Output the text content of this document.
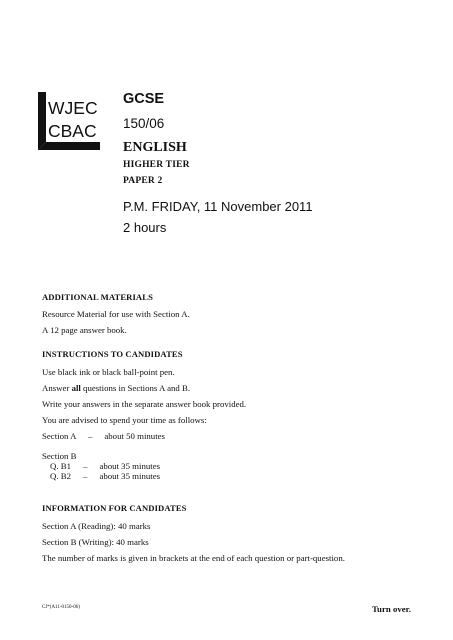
WJEC
CBAC
GCSE
150/06
ENGLISH
HIGHER TIER
PAPER 2
P.M. FRIDAY, 11 November 2011
2 hours
ADDITIONAL MATERIALS
Resource Material for use with Section A.
A 12 page answer book.
INSTRUCTIONS TO CANDIDATES
Use black ink or black ball-point pen.
Answer all questions in Sections A and B.
Write your answers in the separate answer book provided.
You are advised to spend your time as follows:
Section A – about 50 minutes
Section B
Q. B1 – about 35 minutes
Q. B2 – about 35 minutes
INFORMATION FOR CANDIDATES
Section A (Reading): 40 marks
Section B (Writing): 40 marks
The number of marks is given in brackets at the end of each question or part-question.
CJ*(A11-0150-06)	Turn over.
